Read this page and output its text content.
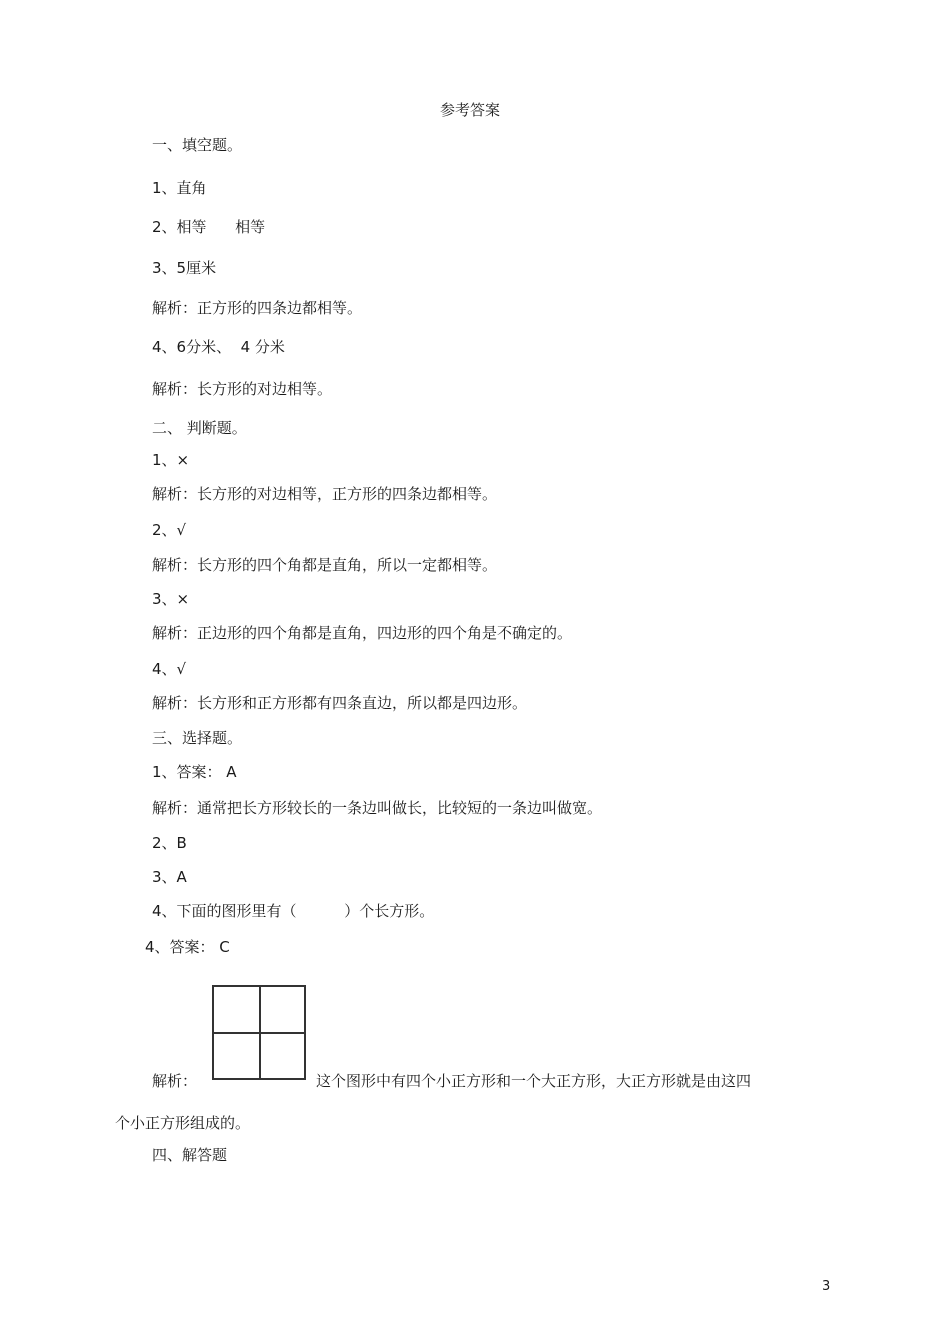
参考答案
一、填空题。
1、直角
2、相等      相等
3、5厘米
解析：正方形的四条边都相等。
4、6分米、  4 分米
解析：长方形的对边相等。
二、 判断题。
1、×
解析：长方形的对边相等，正方形的四条边都相等。
2、√
解析：长方形的四个角都是直角，所以一定都相等。
3、×
解析：正边形的四个角都是直角，四边形的四个角是不确定的。
4、√
解析：长方形和正方形都有四条直边，所以都是四边形。
三、选择题。
1、答案： A
解析：通常把长方形较长的一条边叫做长，比较短的一条边叫做宽。
2、B
3、A
4、下面的图形里有（          ）个长方形。
4、答案： C
解析：	这个图形中有四个小正方形和一个大正方形，大正方形就是由这四
个小正方形组成的。
四、解答题
3
